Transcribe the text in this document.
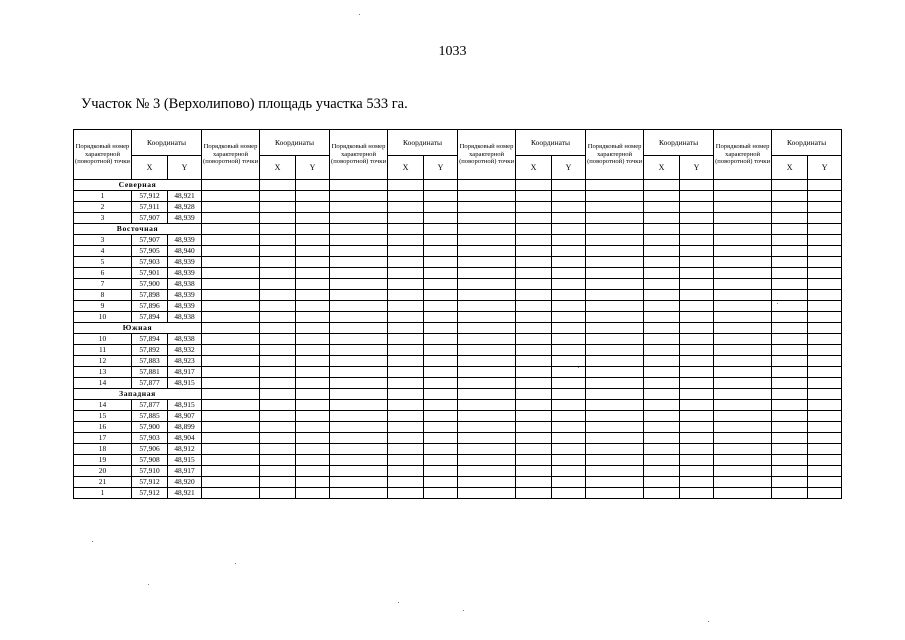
1033
Участок № 3 (Верхолипово) площадь участка 533 га.
Порядковый номер характерной (поворотной) точки	Координаты		Порядковый номер характерной (поворотной) точки	Координаты		Порядковый номер характерной (поворотной) точки	Координаты		Порядковый номер характерной (поворотной) точки	Координаты		Порядковый номер характерной (поворотной) точки	Координаты		Порядковый номер характерной (поворотной) точки	Координаты	
	X	Y		X	Y		X	Y		X	Y		X	Y		X	Y
Северная																	
1	57,912	48,921															
2	57,911	48,928															
3	57,907	48,939															
Восточная																	
3	57,907	48,939															
4	57,905	48,940															
5	57,903	48,939															
6	57,901	48,939															
7	57,900	48,938															
8	57,898	48,939															
9	57,896	48,939															
10	57,894	48,938															
Южная																	
10	57,894	48,938															
11	57,892	48,932															
12	57,883	48,923															
13	57,881	48,917															
14	57,877	48,915															
Западная																	
14	57,877	48,915															
15	57,885	48,907															
16	57,900	48,899															
17	57,903	48,904															
18	57,906	48,912															
19	57,908	48,915															
20	57,910	48,917															
21	57,912	48,920															
1	57,912	48,921															
